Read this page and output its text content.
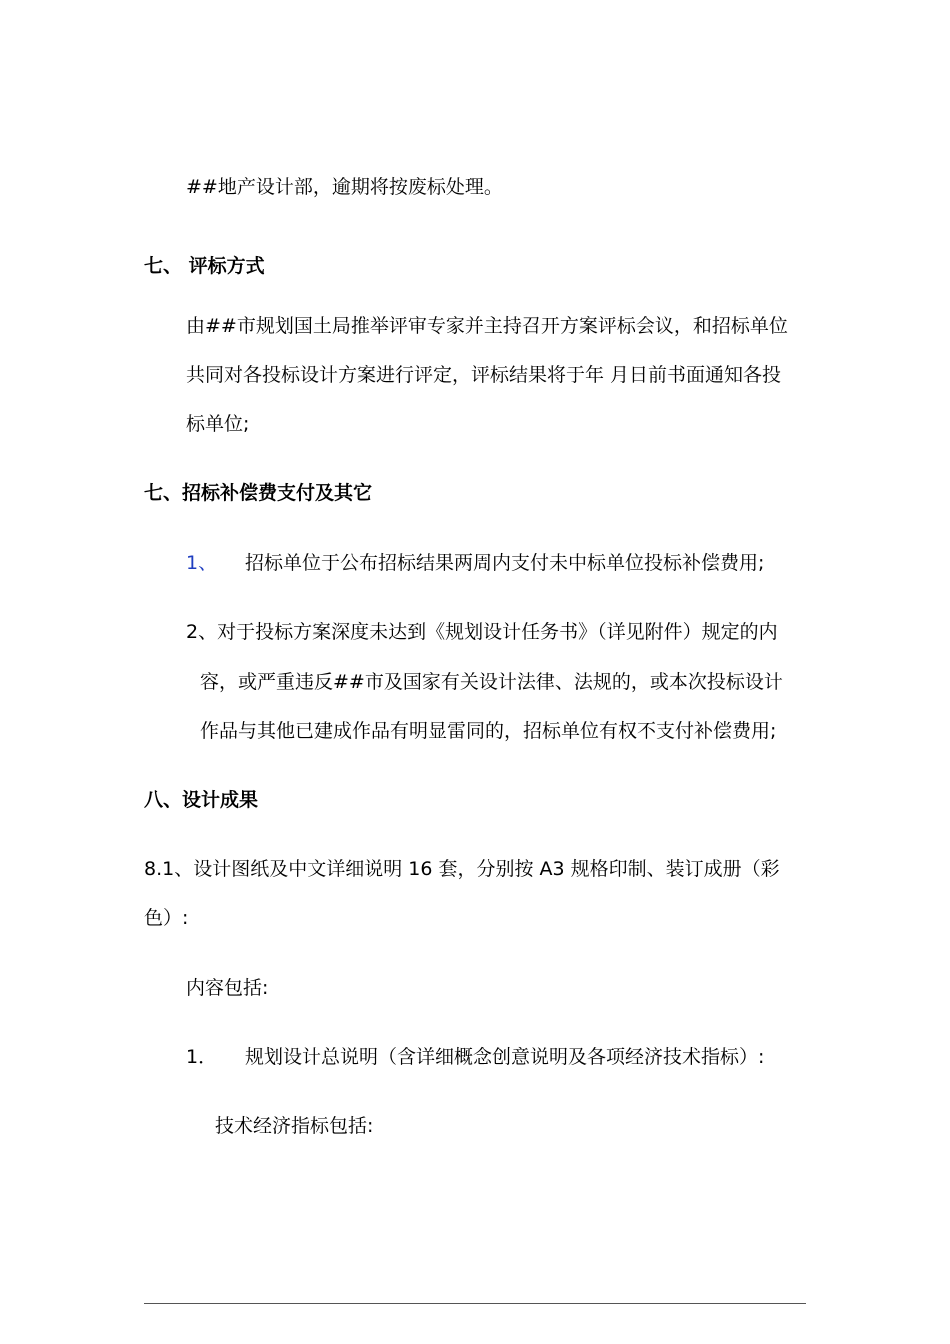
##地产设计部，逾期将按废标处理。
七、 评标方式
由##市规划国土局推举评审专家并主持召开方案评标会议，和招标单位
共同对各投标设计方案进行评定，评标结果将于年 月日前书面通知各投
标单位;
七、招标补偿费支付及其它
1、 招标单位于公布招标结果两周内支付未中标单位投标补偿费用;
2、对于投标方案深度未达到《规划设计任务书》（详见附件）规定的内
容，或严重违反##市及国家有关设计法律、法规的，或本次投标设计
作品与其他已建成作品有明显雷同的，招标单位有权不支付补偿费用;
八、设计成果
8.1、设计图纸及中文详细说明 16 套，分别按 A3 规格印制、装订成册（彩
色）:
内容包括:
1． 规划设计总说明（含详细概念创意说明及各项经济技术指标）:
技术经济指标包括:
